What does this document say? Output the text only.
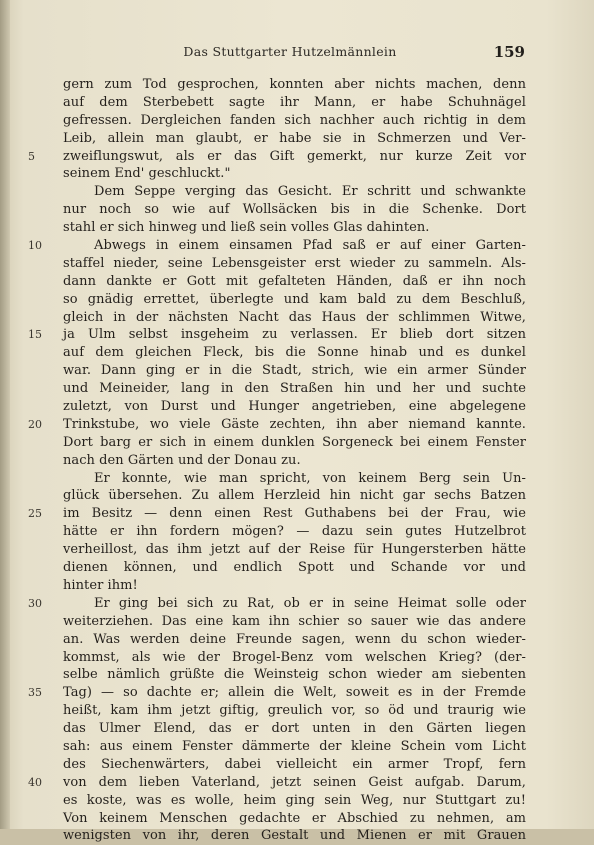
Das Stuttgarter Hutzelmännlein	159
gern zum Tod gesprochen, konnten aber nichts machen, denn
auf dem Sterbebett sagte ihr Mann, er habe Schuhnägel
gefressen. Dergleichen fanden sich nachher auch richtig in dem
Leib, allein man glaubt, er habe sie in Schmerzen und Ver-
zweiflungswut, als er das Gift gemerkt, nur kurze Zeit vor
5
seinem End' geschluckt."
Dem Seppe verging das Gesicht. Er schritt und schwankte
nur noch so wie auf Wollsäcken bis in die Schenke. Dort
stahl er sich hinweg und ließ sein volles Glas dahinten.
Abwegs in einem einsamen Pfad saß er auf einer Garten-
10
staffel nieder, seine Lebensgeister erst wieder zu sammeln. Als-
dann dankte er Gott mit gefalteten Händen, daß er ihn noch
so gnädig errettet, überlegte und kam bald zu dem Beschluß,
gleich in der nächsten Nacht das Haus der schlimmen Witwe,
ja Ulm selbst insgeheim zu verlassen. Er blieb dort sitzen
15
auf dem gleichen Fleck, bis die Sonne hinab und es dunkel
war. Dann ging er in die Stadt, strich, wie ein armer Sünder
und Meineider, lang in den Straßen hin und her und suchte
zuletzt, von Durst und Hunger angetrieben, eine abgelegene
Trinkstube, wo viele Gäste zechten, ihn aber niemand kannte.
20
Dort barg er sich in einem dunklen Sorgeneck bei einem Fenster
nach den Gärten und der Donau zu.
Er konnte, wie man spricht, von keinem Berg sein Un-
glück übersehen. Zu allem Herzleid hin nicht gar sechs Batzen
im Besitz — denn einen Rest Guthabens bei der Frau, wie
25
hätte er ihn fordern mögen? — dazu sein gutes Hutzelbrot
verheillost, das ihm jetzt auf der Reise für Hungersterben hätte
dienen können, und endlich Spott und Schande vor und
hinter ihm!
Er ging bei sich zu Rat, ob er in seine Heimat solle oder
30
weiterziehen. Das eine kam ihn schier so sauer wie das andere
an. Was werden deine Freunde sagen, wenn du schon wieder-
kommst, als wie der Brogel-Benz vom welschen Krieg? (der-
selbe nämlich grüßte die Weinsteig schon wieder am siebenten
Tag) — so dachte er; allein die Welt, soweit es in der Fremde
35
heißt, kam ihm jetzt giftig, greulich vor, so öd und traurig wie
das Ulmer Elend, das er dort unten in den Gärten liegen
sah: aus einem Fenster dämmerte der kleine Schein vom Licht
des Siechenwärters, dabei vielleicht ein armer Tropf, fern
von dem lieben Vaterland, jetzt seinen Geist aufgab. Darum,
40
es koste, was es wolle, heim ging sein Weg, nur Stuttgart zu!
Von keinem Menschen gedachte er Abschied zu nehmen, am
wenigsten von ihr, deren Gestalt und Mienen er mit Grauen
